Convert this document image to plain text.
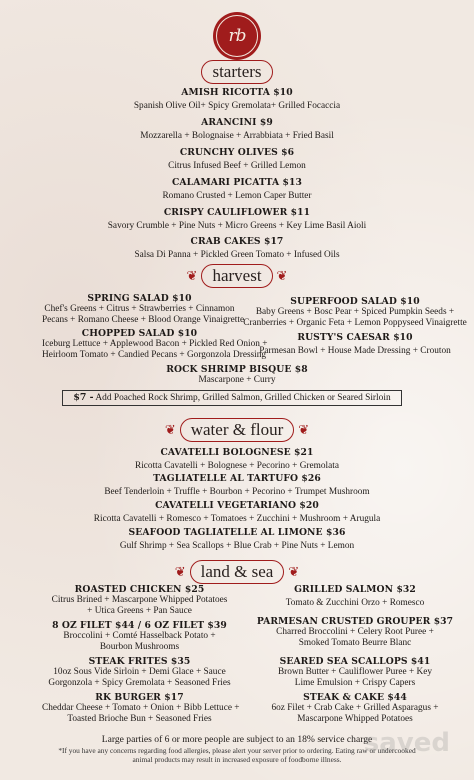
rb
starters
AMISH RICOTTA $10
Spanish Olive Oil+ Spicy Gremolata+ Grilled Focaccia
ARANCINI $9
Mozzarella + Bolognaise + Arrabbiata + Fried Basil
CRUNCHY OLIVES $6
Citrus Infused Beef + Grilled Lemon
CALAMARI PICATTA $13
Romano Crusted + Lemon Caper Butter
CRISPY CAULIFLOWER $11
Savory Crumble + Pine Nuts + Micro Greens + Key Lime Basil Aioli
CRAB CAKES $17
Salsa Di Panna + Pickled Green Tomato + Infused Oils
❦ harvest	❦
SPRING SALAD $10
Chef's Greens + Citrus + Strawberries + Cinnamon
Pecans + Romano Cheese + Blood Orange Vinaigrette
CHOPPED SALAD $10
Iceburg Lettuce + Applewood Bacon + Pickled Red Onion +
Heirloom Tomato + Candied Pecans + Gorgonzola Dressing
SUPERFOOD SALAD $10
Baby Greens + Bosc Pear + Spiced Pumpkin Seeds +
Cranberries + Organic Feta + Lemon Poppyseed Vinaigrette
RUSTY'S CAESAR $10
Parmesan Bowl + House Made Dressing + Crouton
ROCK SHRIMP BISQUE $8
Mascarpone + Curry
$7 - Add Poached Rock Shrimp, Grilled Salmon, Grilled Chicken or Seared Sirloin
❦ water & flour	❦
CAVATELLI BOLOGNESE $21
Ricotta Cavatelli + Bolognese + Pecorino + Gremolata
TAGLIATELLE AL TARTUFO $26
Beef Tenderloin + Truffle + Bourbon + Pecorino + Trumpet Mushroom
CAVATELLI VEGETARIANO $20
Ricotta Cavatelli + Romesco + Tomatoes + Zucchini + Mushroom + Arugula
SEAFOOD TAGLIATELLE AL LIMONE $36
Gulf Shrimp + Sea Scallops + Blue Crab + Pine Nuts + Lemon
❦ land & sea	❦
ROASTED CHICKEN $25
Citrus Brined + Mascarpone Whipped Potatoes
+ Utica Greens + Pan Sauce
8 OZ FILET $44 / 6 OZ FILET $39
Broccolini + Comté Hasselback Potato +
Bourbon Mushrooms
STEAK FRITES $35
10oz Sous Vide Sirloin + Demi Glace + Sauce
Gorgonzola + Spicy Gremolata + Seasoned Fries
RK BURGER $17
Cheddar Cheese + Tomato + Onion + Bibb Lettuce +
Toasted Brioche Bun + Seasoned Fries
GRILLED SALMON $32
Tomato & Zucchini Orzo + Romesco
PARMESAN CRUSTED GROUPER $37
Charred Broccolini + Celery Root Puree +
Smoked Tomato Beurre Blanc
SEARED SEA SCALLOPS $41
Brown Butter + Cauliflower Puree + Key
Lime Emulsion + Crispy Capers
STEAK & CAKE $44
6oz Filet + Crab Cake + Grilled Asparagus +
Mascarpone Whipped Potatoes
Large parties of 6 or more people are subject to an 18% service charge
*If you have any concerns regarding food allergies, please alert your server prior to ordering. Eating raw or undercooked
animal products may result in increased exposure of foodborne illness.
saved
